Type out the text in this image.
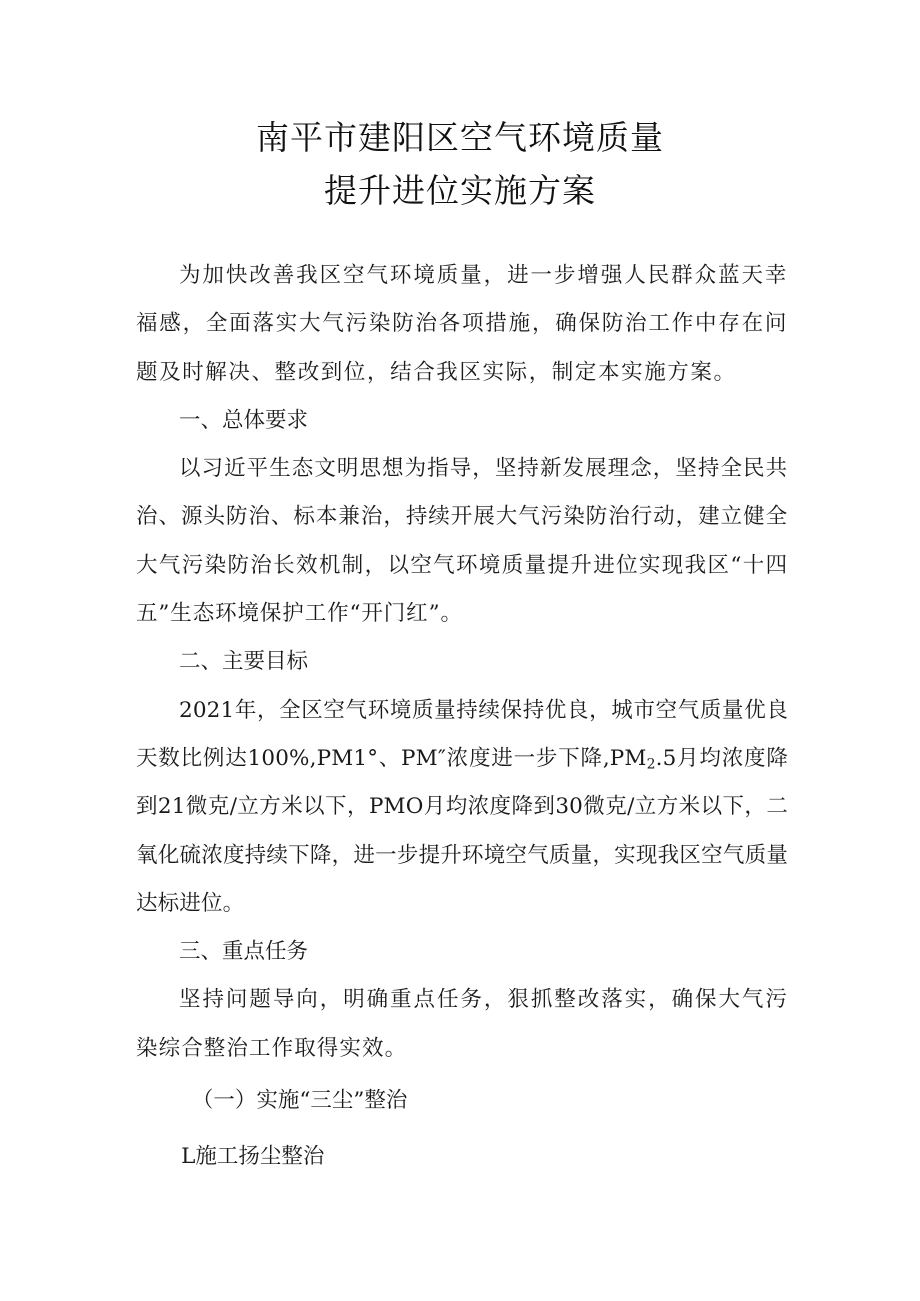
南平市建阳区空气环境质量
提升进位实施方案

为加快改善我区空气环境质量，进一步增强人民群众蓝天幸福感，全面落实大气污染防治各项措施，确保防治工作中存在问题及时解决、整改到位，结合我区实际，制定本实施方案。

一、总体要求

以习近平生态文明思想为指导，坚持新发展理念，坚持全民共治、源头防治、标本兼治，持续开展大气污染防治行动，建立健全大气污染防治长效机制，以空气环境质量提升进位实现我区“十四五”生态环境保护工作“开门红”。

二、主要目标

2021年，全区空气环境质量持续保持优良，城市空气质量优良天数比例达100%,PM1°、PM″浓度进一步下降$,PM_2.5$月均浓度降到21微克/立方米以下，PMO月均浓度降到30微克/立方米以下，二氧化硫浓度持续下降，进一步提升环境空气质量，实现我区空气质量达标进位。

三、重点任务

坚持问题导向，明确重点任务，狠抓整改落实，确保大气污染综合整治工作取得实效。

（一）实施“三尘”整治

L施工扬尘整治
